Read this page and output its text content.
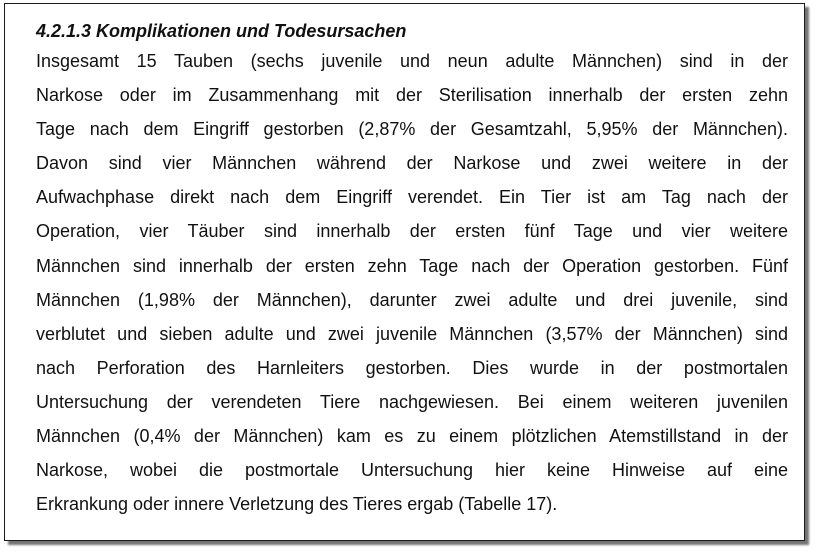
4.2.1.3 Komplikationen und Todesursachen
Insgesamt 15 Tauben (sechs juvenile und neun adulte Männchen) sind in der
Narkose oder im Zusammenhang mit der Sterilisation innerhalb der ersten zehn
Tage nach dem Eingriff gestorben (2,87% der Gesamtzahl, 5,95% der Männchen).
Davon sind vier Männchen während der Narkose und zwei weitere in der
Aufwachphase direkt nach dem Eingriff verendet. Ein Tier ist am Tag nach der
Operation, vier Täuber sind innerhalb der ersten fünf Tage und vier weitere
Männchen sind innerhalb der ersten zehn Tage nach der Operation gestorben. Fünf
Männchen (1,98% der Männchen), darunter zwei adulte und drei juvenile, sind
verblutet und sieben adulte und zwei juvenile Männchen (3,57% der Männchen) sind
nach Perforation des Harnleiters gestorben. Dies wurde in der postmortalen
Untersuchung der verendeten Tiere nachgewiesen. Bei einem weiteren juvenilen
Männchen (0,4% der Männchen) kam es zu einem plötzlichen Atemstillstand in der
Narkose, wobei die postmortale Untersuchung hier keine Hinweise auf eine
Erkrankung oder innere Verletzung des Tieres ergab (Tabelle 17).
